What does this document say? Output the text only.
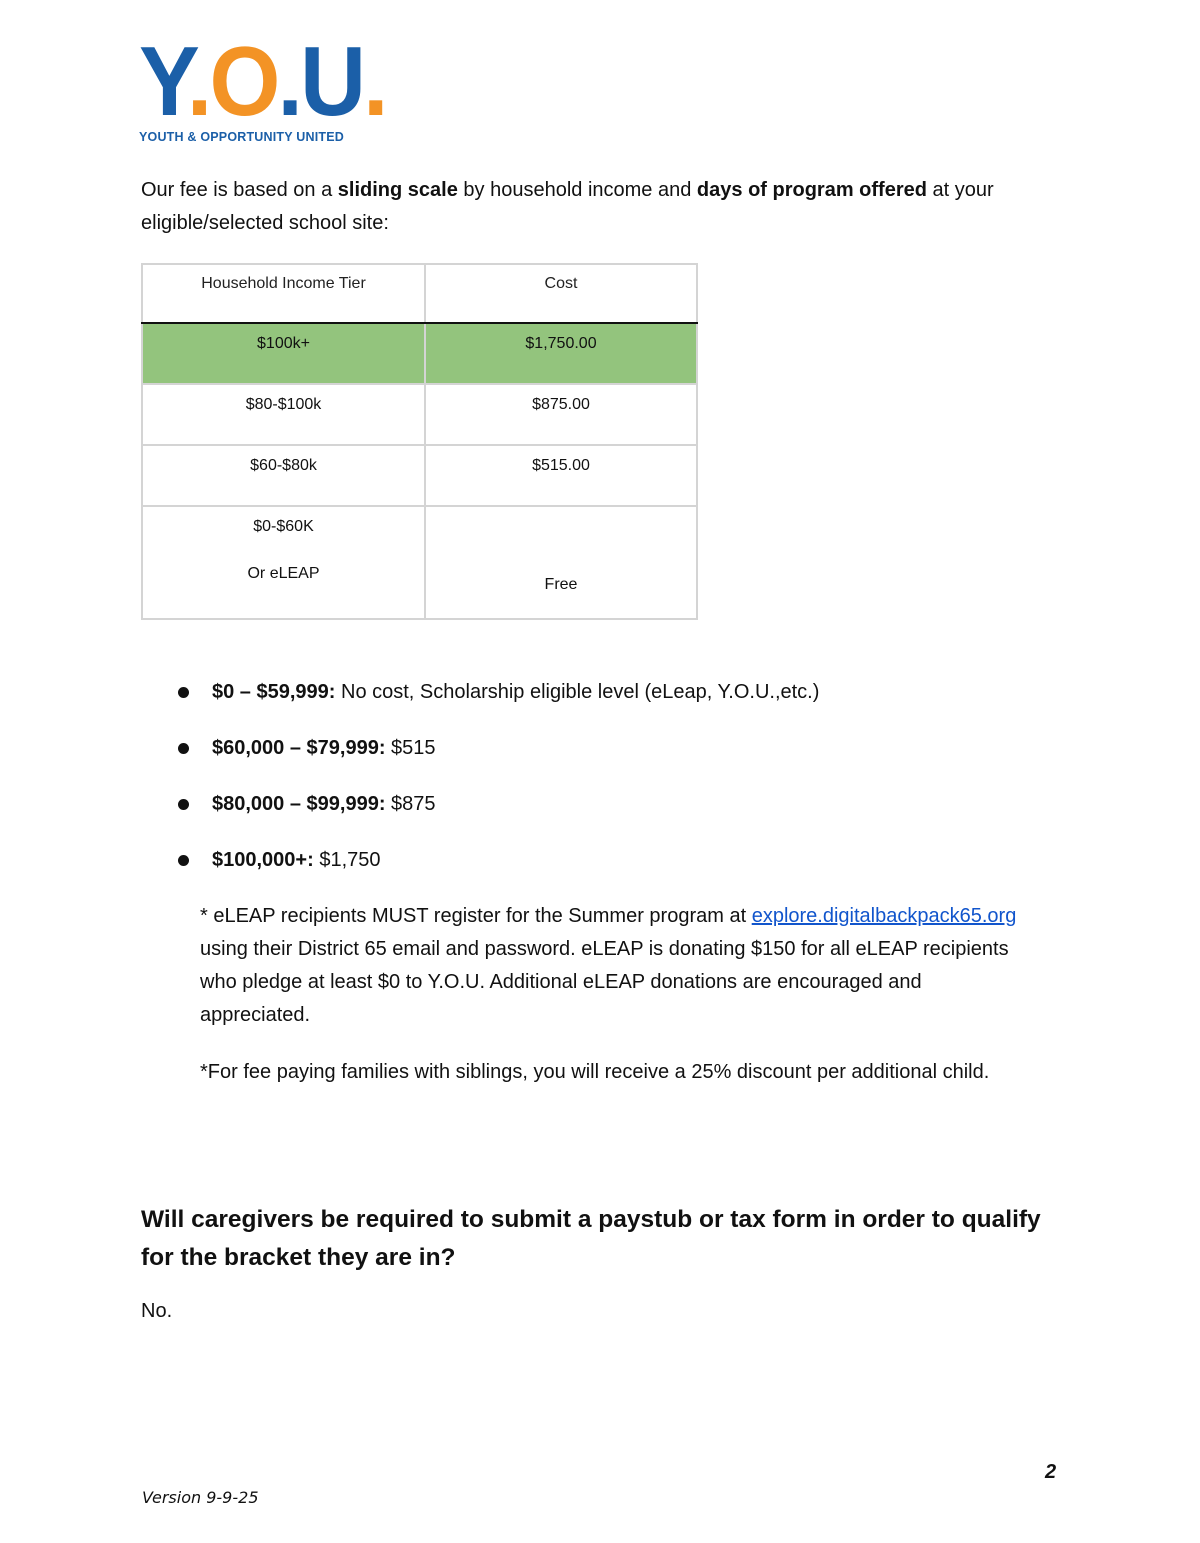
Y.O.U.
YOUTH & OPPORTUNITY UNITED

Our fee is based on a sliding scale by household income and days of program offered at your eligible/selected school site:

Household Income Tier	Cost
$100k+	$1,750.00
$80-$100k	$875.00
$60-$80k	$515.00
$0-$60K
Or eLEAP	Free
$0 – $59,999: No cost, Scholarship eligible level (eLeap, Y.O.U.,etc.)
$60,000 – $79,999: $515
$80,000 – $99,999: $875
$100,000+: $1,750

* eLEAP recipients MUST register for the Summer program at explore.digitalbackpack65.org using their District 65 email and password. eLEAP is donating $150 for all eLEAP recipients who pledge at least $0 to Y.O.U. Additional eLEAP donations are encouraged and appreciated.

*For fee paying families with siblings, you will receive a 25% discount per additional child.

Will caregivers be required to submit a paystub or tax form in order to qualify for the bracket they are in?

No.

2
Version 9-9-25
